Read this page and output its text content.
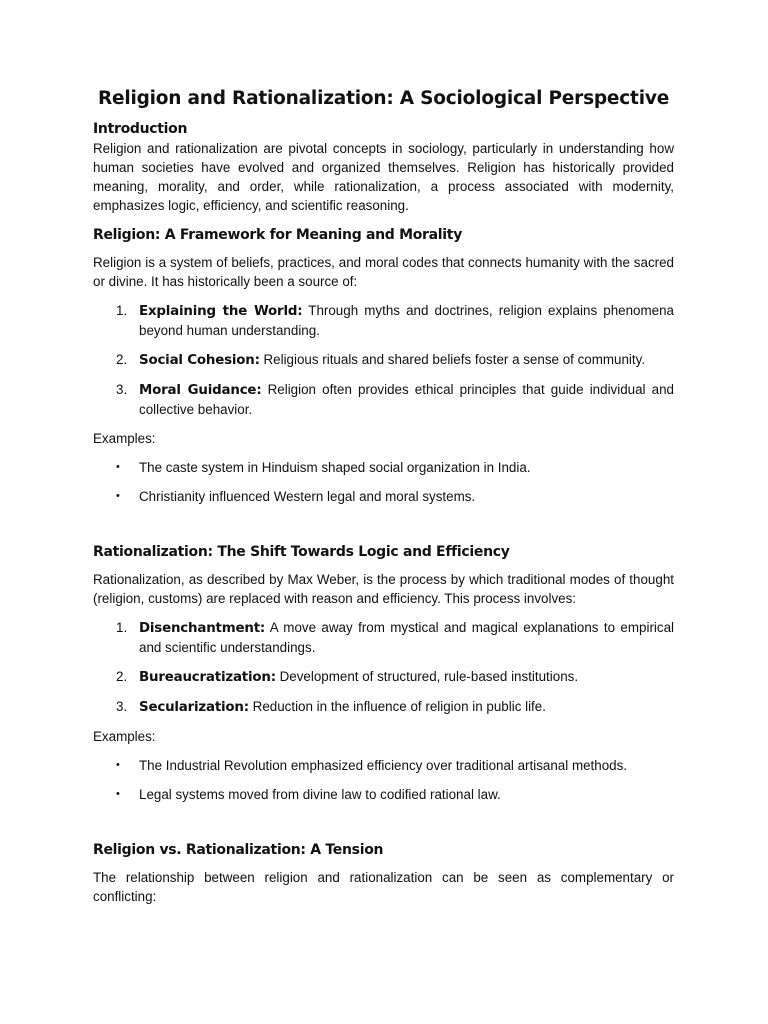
Religion and Rationalization: A Sociological Perspective
Introduction

Religion and rationalization are pivotal concepts in sociology, particularly in understanding how human societies have evolved and organized themselves. Religion has historically provided meaning, morality, and order, while rationalization, a process associated with modernity, emphasizes logic, efficiency, and scientific reasoning.

Religion: A Framework for Meaning and Morality

Religion is a system of beliefs, practices, and moral codes that connects humanity with the sacred or divine. It has historically been a source of:

1. Explaining the World: Through myths and doctrines, religion explains phenomena beyond human understanding.
2. Social Cohesion: Religious rituals and shared beliefs foster a sense of community.
3. Moral Guidance: Religion often provides ethical principles that guide individual and collective behavior.

Examples:

• The caste system in Hinduism shaped social organization in India.
• Christianity influenced Western legal and moral systems.
Rationalization: The Shift Towards Logic and Efficiency

Rationalization, as described by Max Weber, is the process by which traditional modes of thought (religion, customs) are replaced with reason and efficiency. This process involves:

1. Disenchantment: A move away from mystical and magical explanations to empirical and scientific understandings.
2. Bureaucratization: Development of structured, rule-based institutions.
3. Secularization: Reduction in the influence of religion in public life.

Examples:

• The Industrial Revolution emphasized efficiency over traditional artisanal methods.
• Legal systems moved from divine law to codified rational law.
Religion vs. Rationalization: A Tension

The relationship between religion and rationalization can be seen as complementary or conflicting:
